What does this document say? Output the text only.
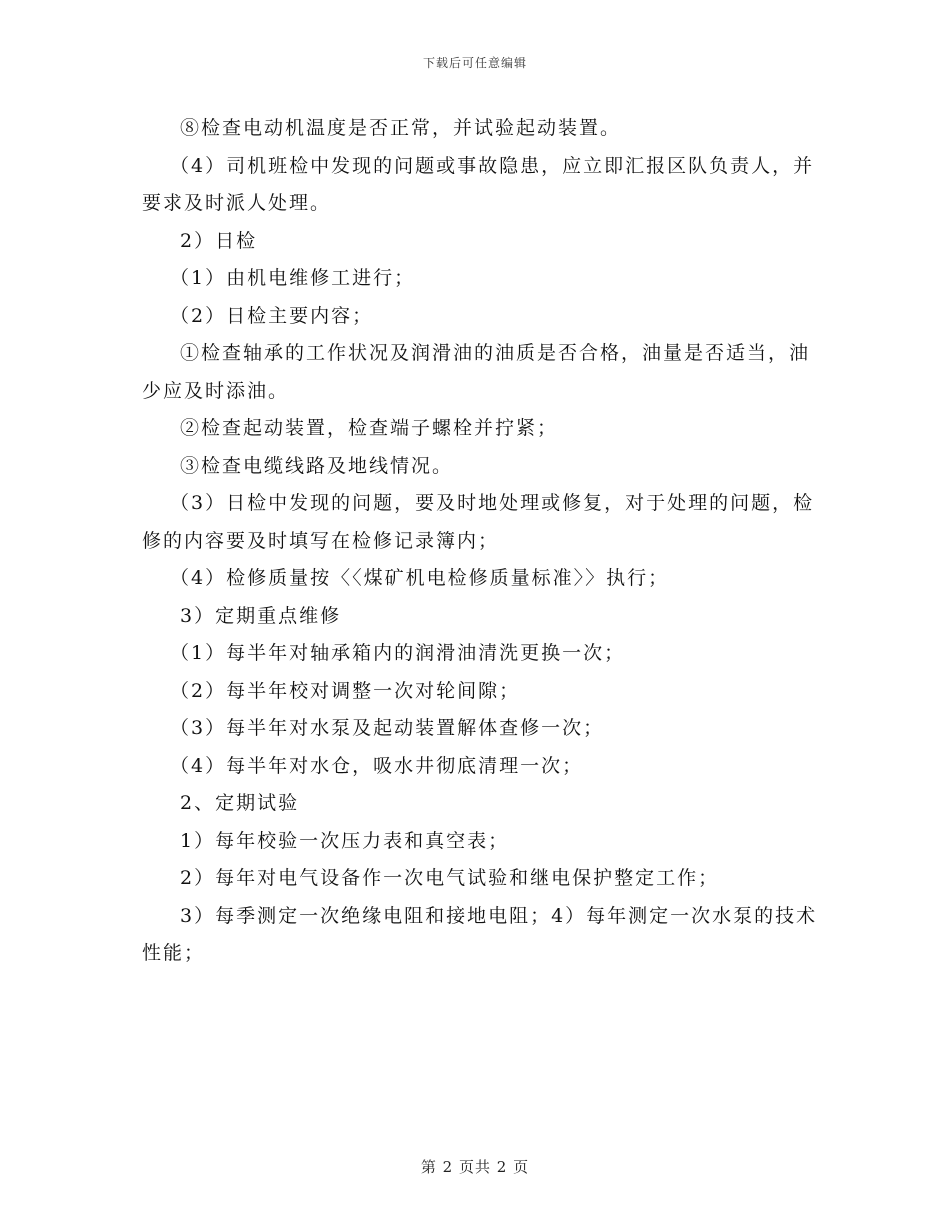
下载后可任意编辑

⑧检查电动机温度是否正常，并试验起动装置。

（4）司机班检中发现的问题或事故隐患，应立即汇报区队负责人，并要求及时派人处理。

2）日检

（1）由机电维修工进行；

（2）日检主要内容；

①检查轴承的工作状况及润滑油的油质是否合格，油量是否适当，油少应及时添油。

②检查起动装置，检查端子螺栓并拧紧；

③检查电缆线路及地线情况。

（3）日检中发现的问题，要及时地处理或修复，对于处理的问题，检修的内容要及时填写在检修记录簿内；

（4）检修质量按〈〈煤矿机电检修质量标准〉〉执行；

3）定期重点维修

（1）每半年对轴承箱内的润滑油清洗更换一次；

（2）每半年校对调整一次对轮间隙；

（3）每半年对水泵及起动装置解体查修一次；

（4）每半年对水仓，吸水井彻底清理一次；

2、定期试验

1）每年校验一次压力表和真空表；

2）每年对电气设备作一次电气试验和继电保护整定工作；

3）每季测定一次绝缘电阻和接地电阻；4）每年测定一次水泵的技术性能；

第 2 页共 2 页
